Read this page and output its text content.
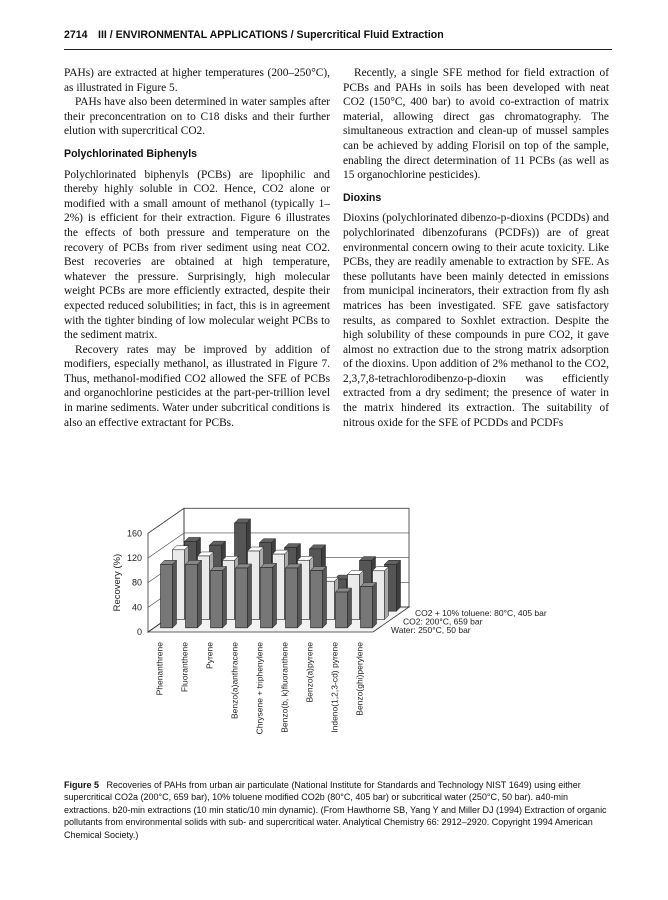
2714 III / ENVIRONMENTAL APPLICATIONS / Supercritical Fluid Extraction

PAHs) are extracted at higher temperatures (200–250°C), as illustrated in Figure 5.

PAHs have also been determined in water samples after their preconcentration on to C18 disks and their further elution with supercritical CO2.

Polychlorinated Biphenyls

Polychlorinated biphenyls (PCBs) are lipophilic and thereby highly soluble in CO2. Hence, CO2 alone or modified with a small amount of methanol (typically 1–2%) is efficient for their extraction. Figure 6 illustrates the effects of both pressure and temperature on the recovery of PCBs from river sediment using neat CO2. Best recoveries are obtained at high temperature, whatever the pressure. Surprisingly, high molecular weight PCBs are more efficiently extracted, despite their expected reduced solubilities; in fact, this is in agreement with the tighter binding of low molecular weight PCBs to the sediment matrix.

Recovery rates may be improved by addition of modifiers, especially methanol, as illustrated in Figure 7. Thus, methanol-modified CO2 allowed the SFE of PCBs and organochlorine pesticides at the part-per-trillion level in marine sediments. Water under subcritical conditions is also an effective extractant for PCBs.

Recently, a single SFE method for field extraction of PCBs and PAHs in soils has been developed with neat CO2 (150°C, 400 bar) to avoid co-extraction of matrix material, allowing direct gas chromatography. The simultaneous extraction and clean-up of mussel samples can be achieved by adding Florisil on top of the sample, enabling the direct determination of 11 PCBs (as well as 15 organochlorine pesticides).

Dioxins

Dioxins (polychlorinated dibenzo-p-dioxins (PCDDs) and polychlorinated dibenzofurans (PCDFs)) are of great environmental concern owing to their acute toxicity. Like PCBs, they are readily amenable to extraction by SFE. As these pollutants have been mainly detected in emissions from municipal incinerators, their extraction from fly ash matrices has been investigated. SFE gave satisfactory results, as compared to Soxhlet extraction. Despite the high solubility of these compounds in pure CO2, it gave almost no extraction due to the strong matrix adsorption of the dioxins. Upon addition of 2% methanol to the CO2, 2,3,7,8-tetrachlorodibenzo-p-dioxin was efficiently extracted from a dry sediment; the presence of water in the matrix hindered its extraction. The suitability of nitrous oxide for the SFE of PCDDs and PCDFs

0
40
80
120
160
Recovery (%)
Water: 250°C, 50 bar
CO2: 200°C, 659 bar
CO2 + 10% toluene: 80°C, 405 bar
Phenanthrene Fluoranthene Pyrene Benzo(a)anthracene Chrysene + triphenylene Benzo(b, k)fluoranthene Benzo(a)pyrene Indeno(1,2,3-cd) pyrene Benzo(ghi)perylene
Figure 5 Recoveries of PAHs from urban air particulate (National Institute for Standards and Technology NIST 1649) using either supercritical CO2a (200°C, 659 bar), 10% toluene modified CO2b (80°C, 405 bar) or subcritical water (250°C, 50 bar). a40-min extractions. b20-min extractions (10 min static/10 min dynamic). (From Hawthorne SB, Yang Y and Miller DJ (1994) Extraction of organic pollutants from environmental solids with sub- and supercritical water. Analytical Chemistry 66: 2912–2920. Copyright 1994 American Chemical Society.)
